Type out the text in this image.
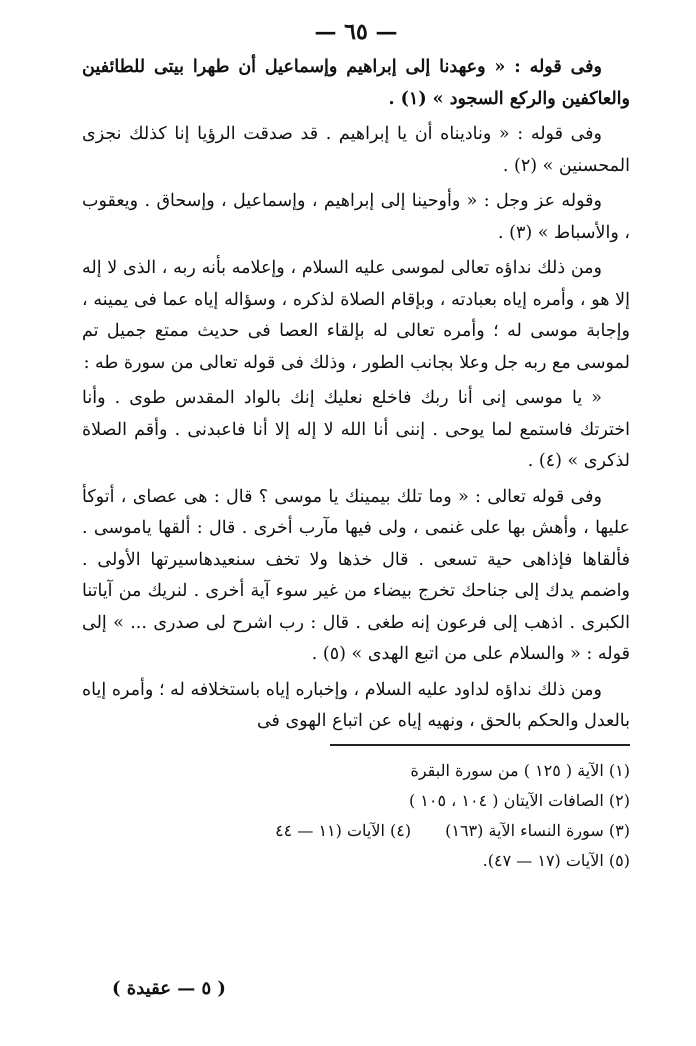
— ٦٥ —

وفى قوله : « وعهدنا إلى إبراهيم وإسماعيل أن طهرا بيتى للطائفين والعاكفين والركع السجود » (١) .

وفى قوله : « وناديناه أن يا إبراهيم . قد صدقت الرؤيا إنا كذلك نجزى المحسنين » (٢) .

وقوله عز وجل : « وأوحينا إلى إبراهيم ، وإسماعيل ، وإسحاق . ويعقوب ، والأسباط » (٣) .

ومن ذلك نداؤه تعالى لموسى عليه السلام ، وإعلامه بأنه ربه ، الذى لا إله إلا هو ، وأمره إياه بعبادته ، وبإقام الصلاة لذكره ، وسؤاله إياه عما فى يمينه ، وإجابة موسى له ؛ وأمره تعالى له بإلقاء العصا فى حديث ممتع جميل تم لموسى مع ربه جل وعلا بجانب الطور ، وذلك فى قوله تعالى من سورة طه :

« يا موسى إنى أنا ربك فاخلع نعليك إنك بالواد المقدس طوى . وأنا اخترتك فاستمع لما يوحى . إننى أنا الله لا إله إلا أنا فاعبدنى . وأقم الصلاة لذكرى » (٤) .

وفى قوله تعالى : « وما تلك بيمينك يا موسى ؟ قال : هى عصاى ، أتوكأ عليها ، وأهش بها على غنمى ، ولى فيها مآرب أخرى . قال : ألقها ياموسى . فألقاها فإذاهى حية تسعى . قال خذها ولا تخف سنعيدهاسيرتها الأولى . واضمم يدك إلى جناحك تخرج بيضاء من غير سوء آية أخرى . لنريك من آياتنا الكبرى . اذهب إلى فرعون إنه طغى . قال : رب اشرح لى صدرى ... » إلى قوله : « والسلام على من اتبع الهدى » (٥) .

ومن ذلك نداؤه لداود عليه السلام ، وإخباره إياه باستخلافه له ؛ وأمره إياه بالعدل والحكم بالحق ، ونهيه إياه عن اتباع الهوى فى

(١) الآية ( ١٢٥ ) من سورة البقرة
(٢) الصافات الآيتان ( ١٠٤ ، ١٠٥ )
(٣) سورة النساء الآية (١٦٣)
(٤) الآيات (١١ — ٤٤
(٥) الآيات (١٧ — ٤٧).
( ٥ — عقيدة )
